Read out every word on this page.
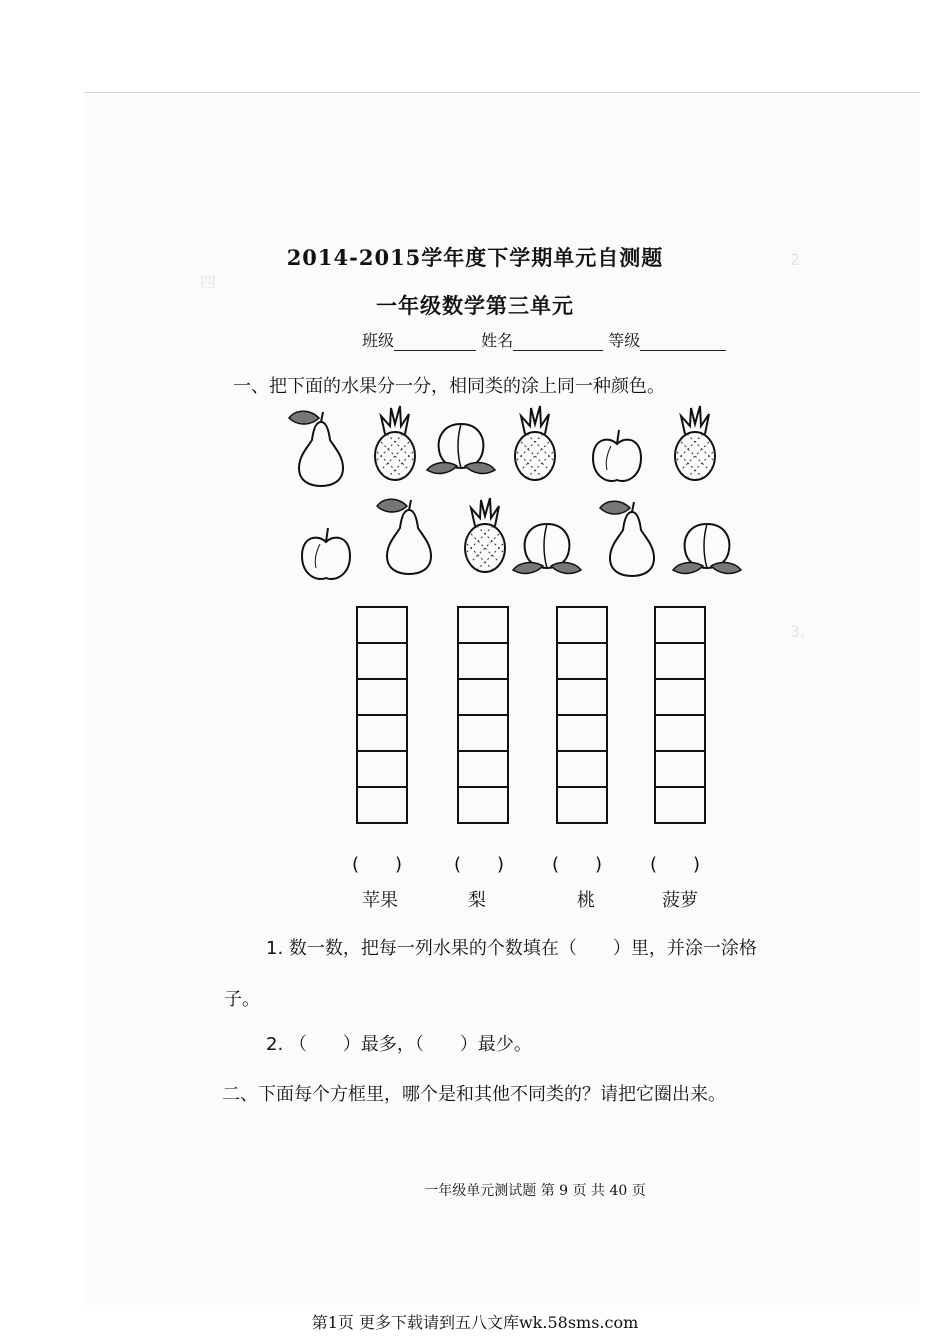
2.
四
3.
2014-2015学年度下学期单元自测题
一年级数学第三单元
班级	姓名	等级
一、把下面的水果分一分，相同类的涂上同一种颜色。
(　　)	(　　)	(　　)	(　　)
苹果	梨	桃	菠萝
1. 数一数，把每一列水果的个数填在（　　）里，并涂一涂格
子。
2. （　　）最多，（　　）最少。
二、下面每个方框里，哪个是和其他不同类的？请把它圈出来。
一年级单元测试题 第 9 页 共 40 页
第1页 更多下载请到五八文库wk.58sms.com
